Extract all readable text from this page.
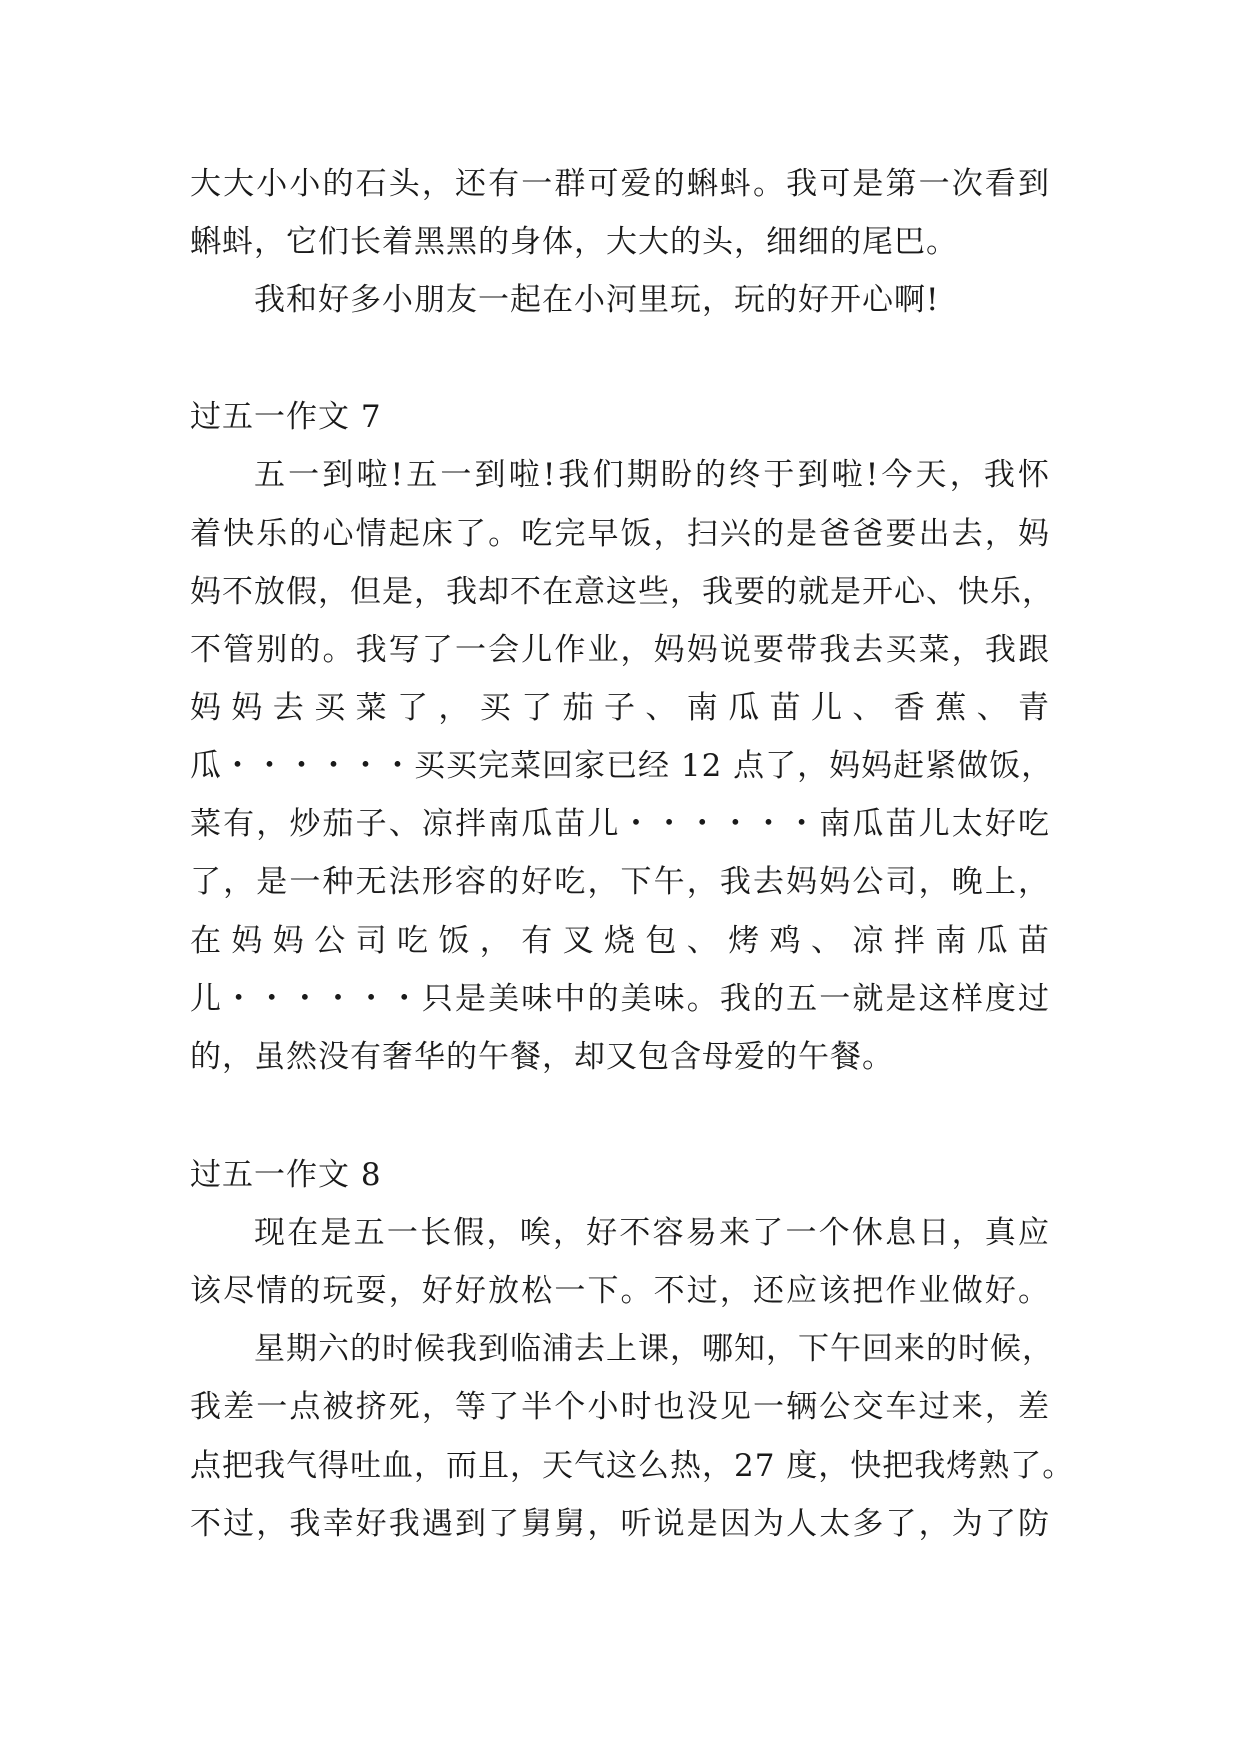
大大小小的石头，还有一群可爱的蝌蚪。我可是第一次看到
蝌蚪，它们长着黑黑的身体，大大的头，细细的尾巴。
我和好多小朋友一起在小河里玩，玩的好开心啊!
过五一作文 7
五一到啦!五一到啦!我们期盼的终于到啦!今天，我怀
着快乐的心情起床了。吃完早饭，扫兴的是爸爸要出去，妈
妈不放假，但是，我却不在意这些，我要的就是开心、快乐，
不管别的。我写了一会儿作业，妈妈说要带我去买菜，我跟
妈妈去买菜了，买了茄子、南瓜苗儿、香蕉、青
瓜・・・・・・买买完菜回家已经 12 点了，妈妈赶紧做饭，
菜有，炒茄子、凉拌南瓜苗儿・・・・・・南瓜苗儿太好吃
了，是一种无法形容的好吃，下午，我去妈妈公司，晚上，
在妈妈公司吃饭，有叉烧包、烤鸡、凉拌南瓜苗
儿・・・・・・只是美味中的美味。我的五一就是这样度过
的，虽然没有奢华的午餐，却又包含母爱的午餐。
过五一作文 8
现在是五一长假，唉，好不容易来了一个休息日，真应
该尽情的玩耍，好好放松一下。不过，还应该把作业做好。
星期六的时候我到临浦去上课，哪知，下午回来的时候，
我差一点被挤死，等了半个小时也没见一辆公交车过来，差
点把我气得吐血，而且，天气这么热，27 度，快把我烤熟了。
不过，我幸好我遇到了舅舅，听说是因为人太多了，为了防
